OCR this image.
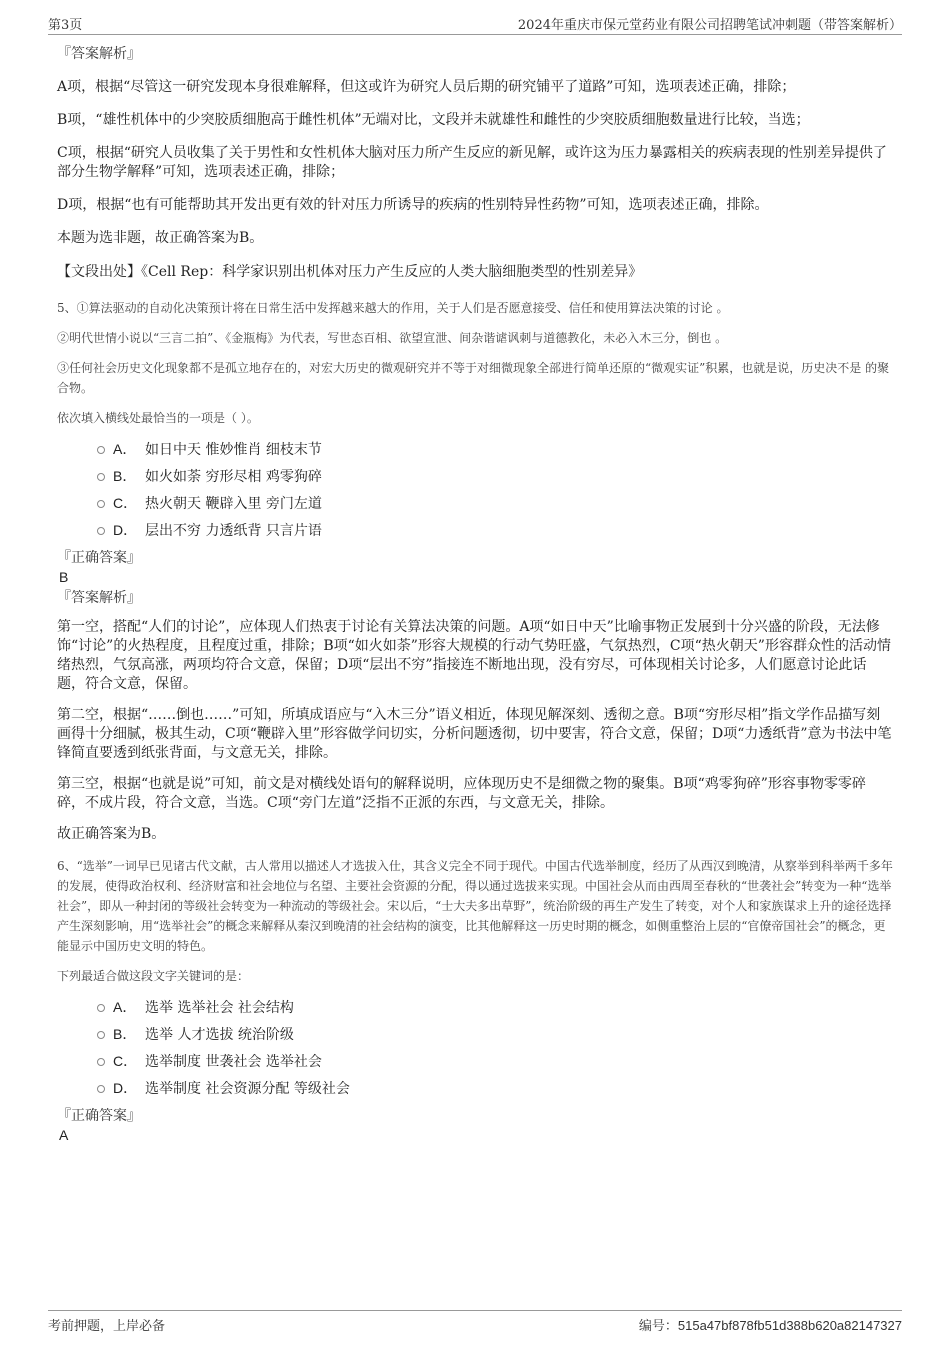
第3页	2024年重庆市保元堂药业有限公司招聘笔试冲刺题（带答案解析）

『答案解析』

A项，根据“尽管这一研究发现本身很难解释，但这或许为研究人员后期的研究铺平了道路”可知，选项表述正确，排除；

B项，“雄性机体中的少突胶质细胞高于雌性机体”无端对比，文段并未就雄性和雌性的少突胶质细胞数量进行比较，当选；

C项，根据“研究人员收集了关于男性和女性机体大脑对压力所产生反应的新见解，或许这为压力暴露相关的疾病表现的性别差异提供了部分生物学解释”可知，选项表述正确，排除；

D项，根据“也有可能帮助其开发出更有效的针对压力所诱导的疾病的性别特异性药物”可知，选项表述正确，排除。

本题为选非题，故正确答案为B。

【文段出处】《Cell Rep：科学家识别出机体对压力产生反应的人类大脑细胞类型的性别差异》

5、①算法驱动的自动化决策预计将在日常生活中发挥越来越大的作用，关于人们是否愿意接受、信任和使用算法决策的讨论 。

②明代世情小说以“三言二拍”、《金瓶梅》为代表，写世态百相、欲望宣泄、间杂谐谑讽刺与道德教化，未必入木三分，倒也 。

③任何社会历史文化现象都不是孤立地存在的，对宏大历史的微观研究并不等于对细微现象全部进行简单还原的“微观实证”积累，也就是说，历史决不是 的聚合物。

依次填入横线处最恰当的一项是（ ）。

A． 如日中天 惟妙惟肖 细枝末节
B． 如火如荼 穷形尽相 鸡零狗碎
C． 热火朝天 鞭辟入里 旁门左道
D． 层出不穷 力透纸背 只言片语

『正确答案』

B

『答案解析』

第一空，搭配“人们的讨论”，应体现人们热衷于讨论有关算法决策的问题。A项“如日中天”比喻事物正发展到十分兴盛的阶段，无法修饰“讨论”的火热程度，且程度过重，排除；B项“如火如荼”形容大规模的行动气势旺盛，气氛热烈，C项“热火朝天”形容群众性的活动情绪热烈，气氛高涨，两项均符合文意，保留；D项“层出不穷”指接连不断地出现，没有穷尽，可体现相关讨论多，人们愿意讨论此话题，符合文意，保留。

第二空，根据“……倒也……”可知，所填成语应与“入木三分”语义相近，体现见解深刻、透彻之意。B项“穷形尽相”指文学作品描写刻画得十分细腻，极其生动，C项“鞭辟入里”形容做学问切实，分析问题透彻，切中要害，符合文意，保留；D项“力透纸背”意为书法中笔锋简直要透到纸张背面，与文意无关，排除。

第三空，根据“也就是说”可知，前文是对横线处语句的解释说明，应体现历史不是细微之物的聚集。B项“鸡零狗碎”形容事物零零碎碎，不成片段，符合文意，当选。C项“旁门左道”泛指不正派的东西，与文意无关，排除。

故正确答案为B。

6、“选举”一词早已见诸古代文献，古人常用以描述人才选拔入仕，其含义完全不同于现代。中国古代选举制度，经历了从西汉到晚清，从察举到科举两千多年的发展，使得政治权利、经济财富和社会地位与名望、主要社会资源的分配，得以通过选拔来实现。中国社会从而由西周至春秋的“世袭社会”转变为一种“选举社会”，即从一种封闭的等级社会转变为一种流动的等级社会。宋以后，“士大夫多出草野”，统治阶级的再生产发生了转变，对个人和家族谋求上升的途径选择产生深刻影响，用“选举社会”的概念来解释从秦汉到晚清的社会结构的演变，比其他解释这一历史时期的概念，如侧重整治上层的“官僚帝国社会”的概念，更能显示中国历史文明的特色。

下列最适合做这段文字关键词的是：

A． 选举 选举社会 社会结构
B． 选举 人才选拔 统治阶级
C． 选举制度 世袭社会 选举社会
D． 选举制度 社会资源分配 等级社会

『正确答案』

A

考前押题，上岸必备	编号：515a47bf878fb51d388b620a82147327
